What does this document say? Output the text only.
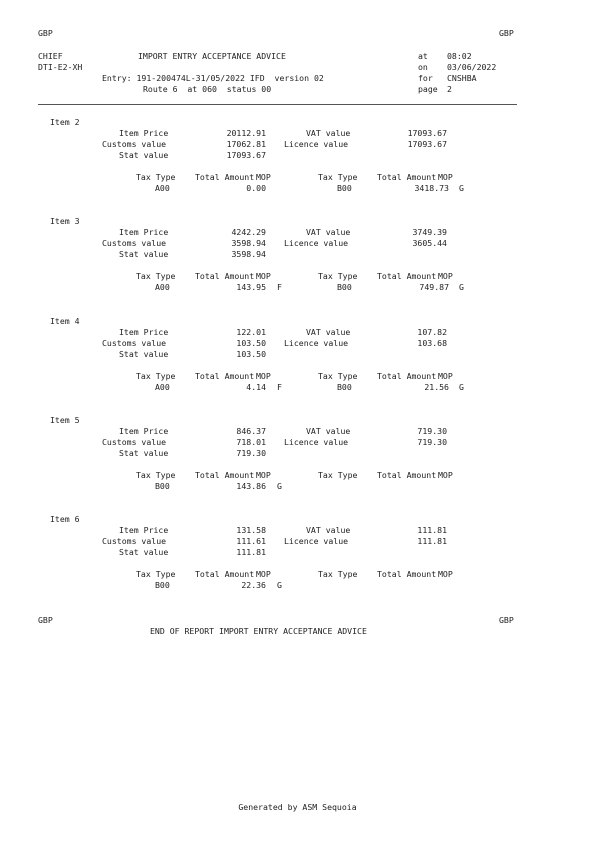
GBP	GBP
CHIEF	IMPORT ENTRY ACCEPTANCE ADVICE	at 08:02
DTI-E2-XH	on 03/06/2022
Entry: 191-200474L-31/05/2022 IFD  version 02	for CNSHBA
Route 6  at 060  status 00	page 2
Item 2
Item Price	20112.91	VAT value	17093.67
Customs value	17062.81 Licence value	17093.67
Stat value	17093.67
Tax Type Total Amount MOP	Tax Type Total Amount MOP
A00	0.00	B00	3418.73 G
Item 3
Item Price	4242.29	VAT value	3749.39
Customs value	3598.94 Licence value	3605.44
Stat value	3598.94
Tax Type Total Amount MOP	Tax Type Total Amount MOP
A00	143.95 F	B00	749.87 G
Item 4
Item Price	122.01	VAT value	107.82
Customs value	103.50 Licence value	103.68
Stat value	103.50
Tax Type Total Amount MOP	Tax Type Total Amount MOP
A00	4.14 F	B00	21.56 G
Item 5
Item Price	846.37	VAT value	719.30
Customs value	718.01 Licence value	719.30
Stat value	719.30
Tax Type Total Amount MOP	Tax Type Total Amount MOP
B00	143.86 G
Item 6
Item Price	131.58	VAT value	111.81
Customs value	111.61 Licence value	111.81
Stat value	111.81
Tax Type Total Amount MOP	Tax Type Total Amount MOP
B00	22.36 G
GBP	GBP
END OF REPORT IMPORT ENTRY ACCEPTANCE ADVICE
Generated by ASM Sequoia
